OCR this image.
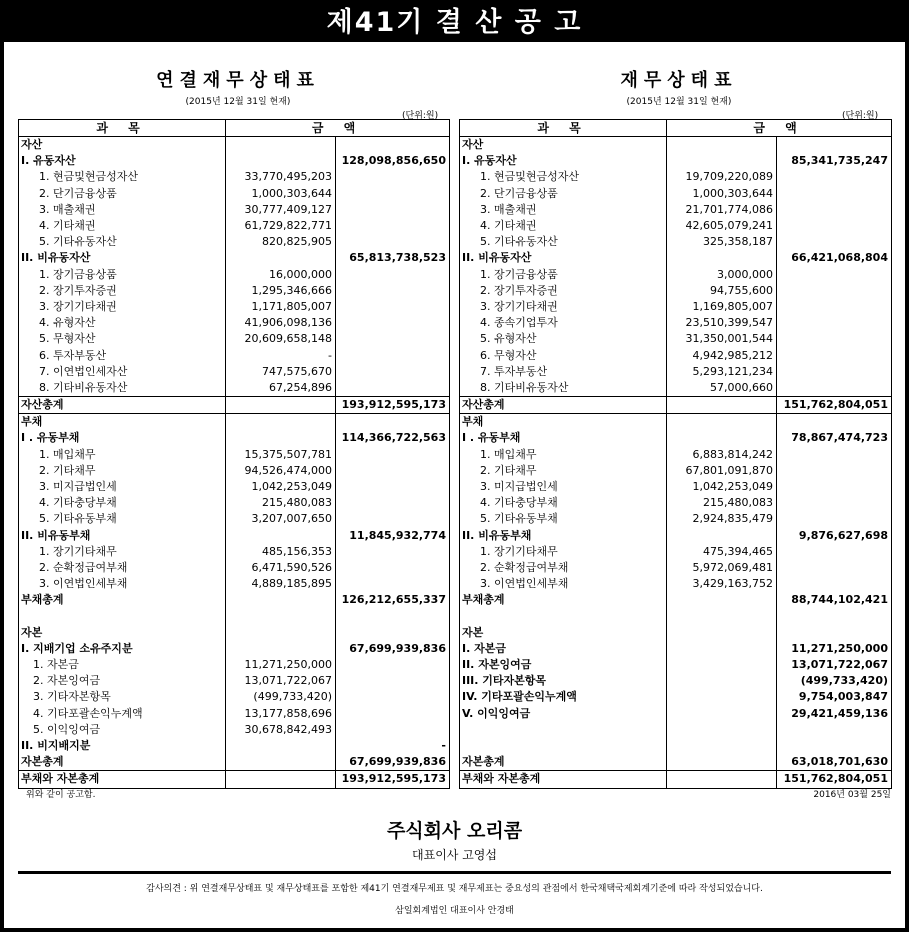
제41기 결 산 공 고
연결재무상태표
(2015년 12월 31일 현재)
(단위:원)
과 목	금 액	
자산		
I. 유동자산		128,098,856,650
1. 현금및현금성자산	33,770,495,203	
2. 단기금융상품	1,000,303,644	
3. 매출채권	30,777,409,127	
4. 기타채권	61,729,822,771	
5. 기타유동자산	820,825,905	
II. 비유동자산		65,813,738,523
1. 장기금융상품	16,000,000	
2. 장기투자증권	1,295,346,666	
3. 장기기타채권	1,171,805,007	
4. 유형자산	41,906,098,136	
5. 무형자산	20,609,658,148	
6. 투자부동산	-	
7. 이연법인세자산	747,575,670	
8. 기타비유동자산	67,254,896	
자산총계		193,912,595,173
부채		
I . 유동부채		114,366,722,563
1. 매입채무	15,375,507,781	
2. 기타채무	94,526,474,000	
3. 미지급법인세	1,042,253,049	
4. 기타충당부채	215,480,083	
5. 기타유동부채	3,207,007,650	
II. 비유동부채		11,845,932,774
1. 장기기타채무	485,156,353	
2. 순확정급여부채	6,471,590,526	
3. 이연법인세부채	4,889,185,895	
부채총계		126,212,655,337

자본		
I. 지배기업 소유주지분		67,699,939,836
1. 자본금	11,271,250,000	
2. 자본잉여금	13,071,722,067	
3. 기타자본항목	(499,733,420)	
4. 기타포괄손익누계액	13,177,858,696	
5. 이익잉여금	30,678,842,493	
II. 비지배지분		-
자본총계		67,699,939,836
부채와 자본총계		193,912,595,173
재무상태표
(2015년 12월 31일 현재)
(단위:원)
과 목	금 액	
자산		
I. 유동자산		85,341,735,247
1. 현금및현금성자산	19,709,220,089	
2. 단기금융상품	1,000,303,644	
3. 매출채권	21,701,774,086	
4. 기타채권	42,605,079,241	
5. 기타유동자산	325,358,187	
II. 비유동자산		66,421,068,804
1. 장기금융상품	3,000,000	
2. 장기투자증권	94,755,600	
3. 장기기타채권	1,169,805,007	
4. 종속기업투자	23,510,399,547	
5. 유형자산	31,350,001,544	
6. 무형자산	4,942,985,212	
7. 투자부동산	5,293,121,234	
8. 기타비유동자산	57,000,660	
자산총계		151,762,804,051
부채		
I . 유동부채		78,867,474,723
1. 매입채무	6,883,814,242	
2. 기타채무	67,801,091,870	
3. 미지급법인세	1,042,253,049	
4. 기타충당부채	215,480,083	
5. 기타유동부채	2,924,835,479	
II. 비유동부채		9,876,627,698
1. 장기기타채무	475,394,465	
2. 순확정급여부채	5,972,069,481	
3. 이연법인세부채	3,429,163,752	
부채총계		88,744,102,421

자본		
I. 자본금		11,271,250,000
II. 자본잉여금		13,071,722,067
III. 기타자본항목		(499,733,420)
IV. 기타포괄손익누계액		9,754,003,847
V. 이익잉여금		29,421,459,136

자본총계		63,018,701,630
부채와 자본총계		151,762,804,051
위와 같이 공고함.	2016년 03월 25일
주식회사 오리콤
대표이사 고영섭
감사의견 : 위 연결재무상태표 및 재무상태표를 포함한 제41기 연결재무제표 및 재무제표는 중요성의 관점에서 한국채택국제회계기준에 따라 작성되었습니다.
삼일회계법인 대표이사 안경태
